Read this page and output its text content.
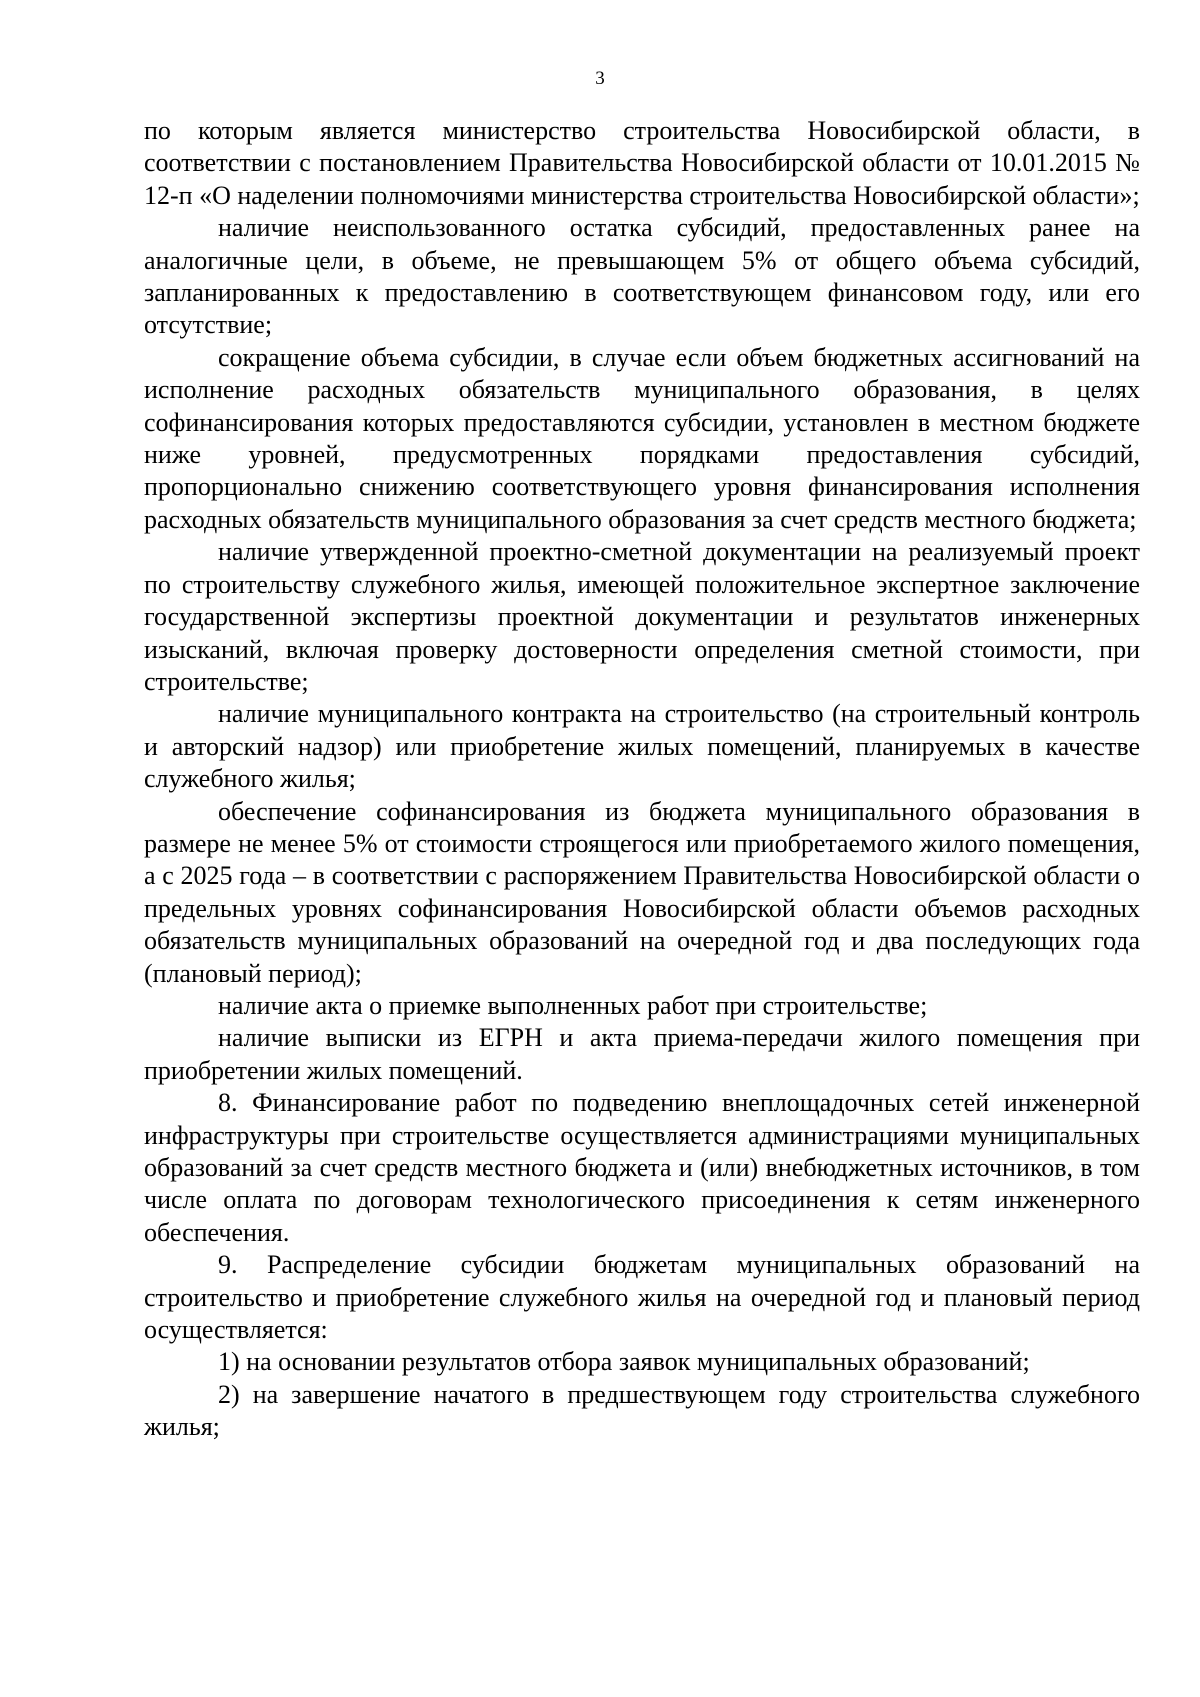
3

по которым является министерство строительства Новосибирской области, в соответствии с постановлением Правительства Новосибирской области от 10.01.2015 № 12-п «О наделении полномочиями министерства строительства Новосибирской области»;

наличие неиспользованного остатка субсидий, предоставленных ранее на аналогичные цели, в объеме, не превышающем 5% от общего объема субсидий, запланированных к предоставлению в соответствующем финансовом году, или его отсутствие;

сокращение объема субсидии, в случае если объем бюджетных ассигнований на исполнение расходных обязательств муниципального образования, в целях софинансирования которых предоставляются субсидии, установлен в местном бюджете ниже уровней, предусмотренных порядками предоставления субсидий, пропорционально снижению соответствующего уровня финансирования исполнения расходных обязательств муниципального образования за счет средств местного бюджета;

наличие утвержденной проектно-сметной документации на реализуемый проект по строительству служебного жилья, имеющей положительное экспертное заключение государственной экспертизы проектной документации и результатов инженерных изысканий, включая проверку достоверности определения сметной стоимости, при строительстве;

наличие муниципального контракта на строительство (на строительный контроль и авторский надзор) или приобретение жилых помещений, планируемых в качестве служебного жилья;

обеспечение софинансирования из бюджета муниципального образования в размере не менее 5% от стоимости строящегося или приобретаемого жилого помещения, а с 2025 года – в соответствии с распоряжением Правительства Новосибирской области о предельных уровнях софинансирования Новосибирской области объемов расходных обязательств муниципальных образований на очередной год и два последующих года (плановый период);

наличие акта о приемке выполненных работ при строительстве;

наличие выписки из ЕГРН и акта приема-передачи жилого помещения при приобретении жилых помещений.

8. Финансирование работ по подведению внеплощадочных сетей инженерной инфраструктуры при строительстве осуществляется администрациями муниципальных образований за счет средств местного бюджета и (или) внебюджетных источников, в том числе оплата по договорам технологического присоединения к сетям инженерного обеспечения.

9. Распределение субсидии бюджетам муниципальных образований на строительство и приобретение служебного жилья на очередной год и плановый период осуществляется:

1) на основании результатов отбора заявок муниципальных образований;

2) на завершение начатого в предшествующем году строительства служебного жилья;
